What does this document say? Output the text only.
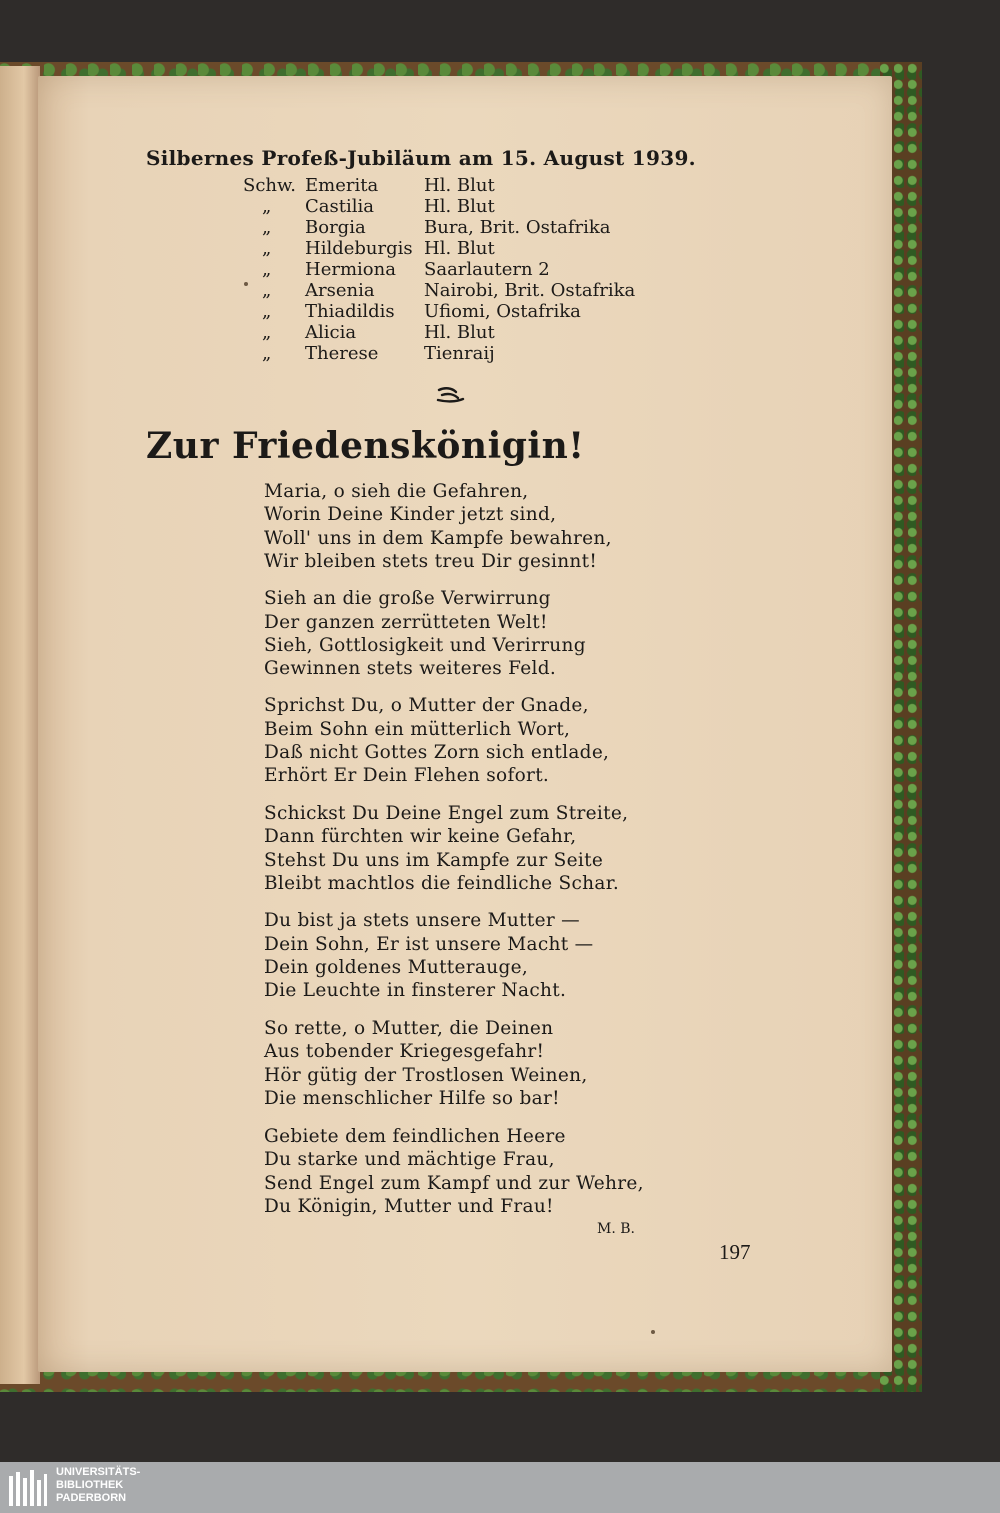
Silbernes Profeß-Jubiläum am 15. August 1939.
Schw. Emerita	Hl. Blut
„ Castilia	Hl. Blut
„ Borgia	Bura, Brit. Ostafrika
„ Hildeburgis Hl. Blut
„ Hermiona Saarlautern 2
„ Arsenia	Nairobi, Brit. Ostafrika
„ Thiadildis Ufiomi, Ostafrika
„ Alicia	Hl. Blut
„ Therese	Tienraij
Zur Friedenskönigin!
Maria, o sieh die Gefahren,
Worin Deine Kinder jetzt sind,
Woll' uns in dem Kampfe bewahren,
Wir bleiben stets treu Dir gesinnt!
Sieh an die große Verwirrung
Der ganzen zerrütteten Welt!
Sieh, Gottlosigkeit und Verirrung
Gewinnen stets weiteres Feld.
Sprichst Du, o Mutter der Gnade,
Beim Sohn ein mütterlich Wort,
Daß nicht Gottes Zorn sich entlade,
Erhört Er Dein Flehen sofort.
Schickst Du Deine Engel zum Streite,
Dann fürchten wir keine Gefahr,
Stehst Du uns im Kampfe zur Seite
Bleibt machtlos die feindliche Schar.
Du bist ja stets unsere Mutter —
Dein Sohn, Er ist unsere Macht —
Dein goldenes Mutterauge,
Die Leuchte in finsterer Nacht.
So rette, o Mutter, die Deinen
Aus tobender Kriegesgefahr!
Hör gütig der Trostlosen Weinen,
Die menschlicher Hilfe so bar!
Gebiete dem feindlichen Heere
Du starke und mächtige Frau,
Send Engel zum Kampf und zur Wehre,
Du Königin, Mutter und Frau!
M. B.
197
UNIVERSITÄTS-
BIBLIOTHEK
PADERBORN
